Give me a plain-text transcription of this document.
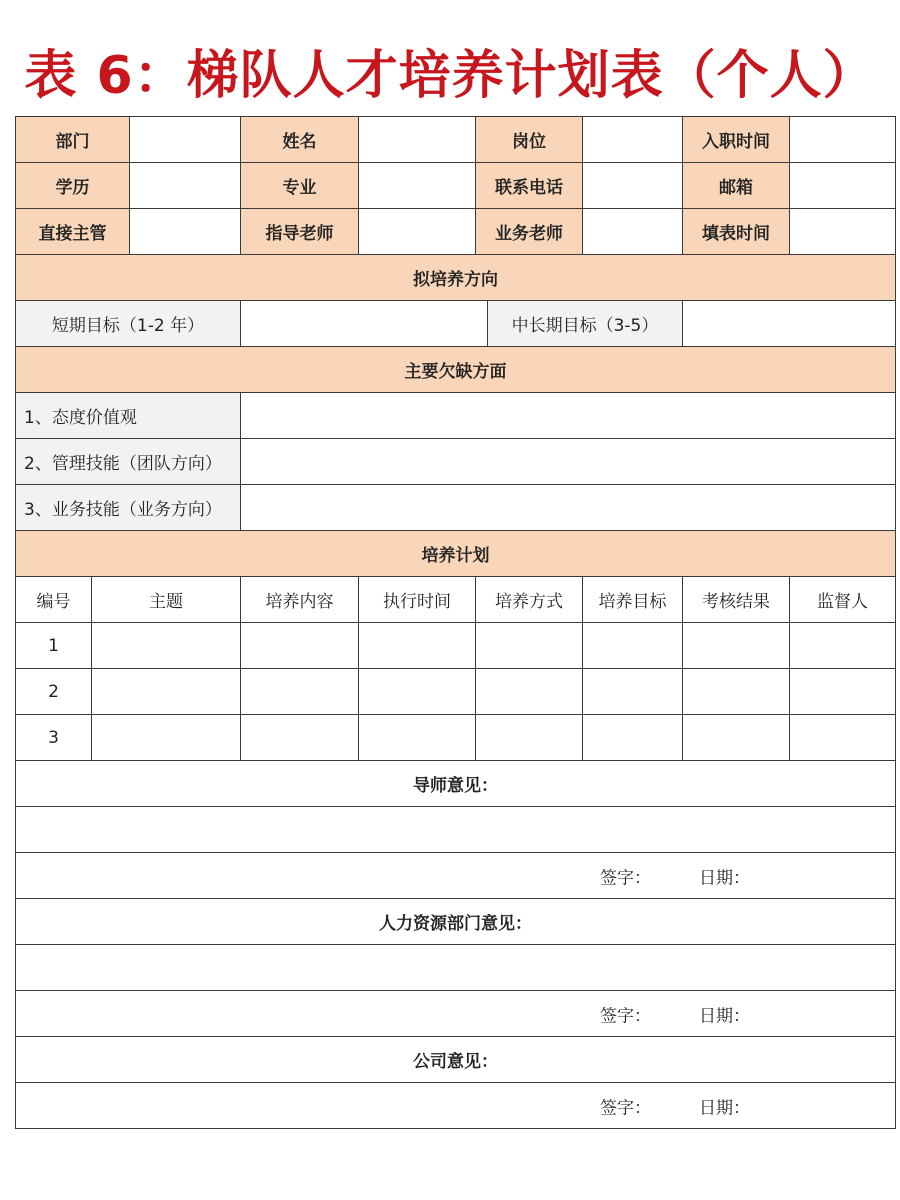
表 6：梯队人才培养计划表（个人）
部门			姓名		岗位			入职时间	
学历			专业		联系电话			邮箱	
直接主管			指导老师		业务老师			填表时间	
拟培养方向									
短期目标（1-2 年）						中长期目标（3-5）			
主要欠缺方面									
1、态度价值观									
2、管理技能（团队方向）									
3、业务技能（业务方向）									
培养计划									
编号	主题		培养内容	执行时间	培养方式		培养目标	考核结果	监督人
1									
2									
3									
导师意见：									

签字： 日期：									

人力资源部门意见：									

签字： 日期：									

公司意见：									

签字： 日期：									
